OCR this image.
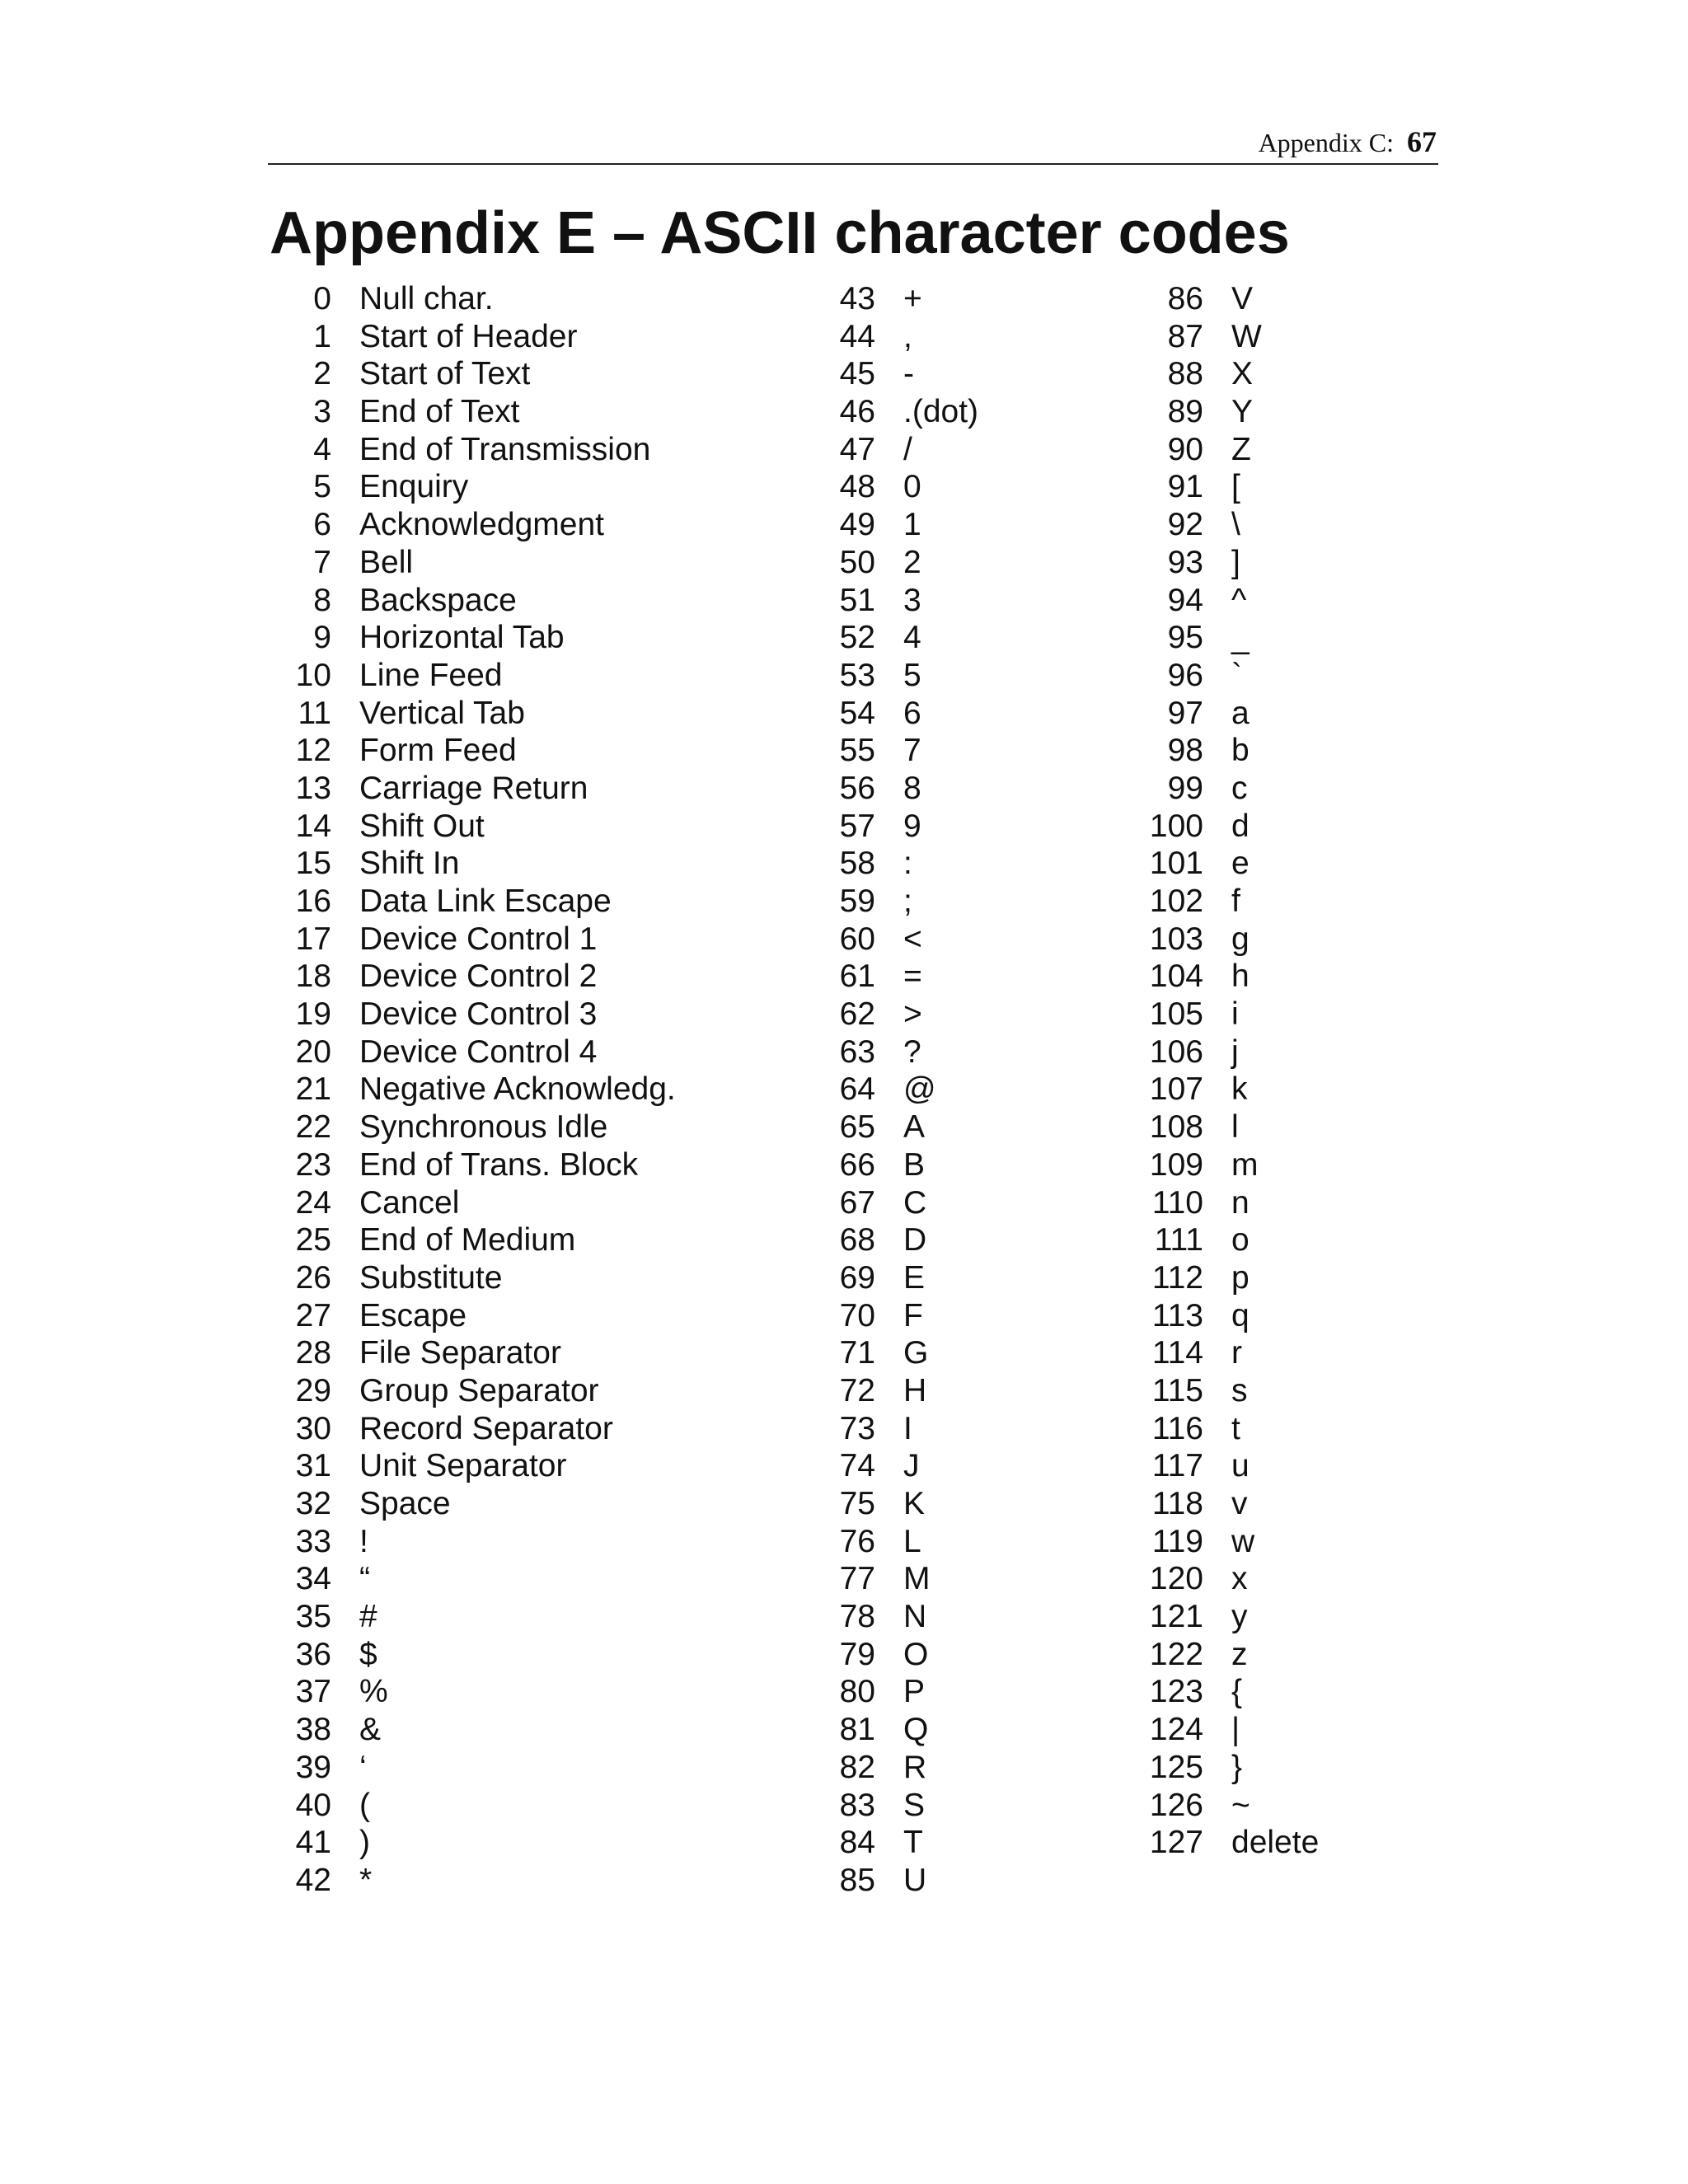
Appendix C: 67
Appendix E – ASCII character codes
0 Null char.
1 Start of Header
2 Start of Text
3 End of Text
4 End of Transmission
5 Enquiry
6 Acknowledgment
7 Bell
8 Backspace
9 Horizontal Tab
10 Line Feed
11 Vertical Tab
12 Form Feed
13 Carriage Return
14 Shift Out
15 Shift In
16 Data Link Escape
17 Device Control 1
18 Device Control 2
19 Device Control 3
20 Device Control 4
21 Negative Acknowledg.
22 Synchronous Idle
23 End of Trans. Block
24 Cancel
25 End of Medium
26 Substitute
27 Escape
28 File Separator
29 Group Separator
30 Record Separator
31 Unit Separator
32 Space
33 !
34 “
35 #
36 $
37 %
38 &
39 ‘
40 (
41 )
42 *
43 +
44 ,
45 -
46 .(dot)
47 /
48 0
49 1
50 2
51 3
52 4
53 5
54 6
55 7
56 8
57 9
58 :
59 ;
60 <
61 =
62 >
63 ?
64 @
65 A
66 B
67 C
68 D
69 E
70 F
71 G
72 H
73 I
74 J
75 K
76 L
77 M
78 N
79 O
80 P
81 Q
82 R
83 S
84 T
85 U
86 V
87 W
88 X
89 Y
90 Z
91 [
92 \
93 ]
94 ^
95 _
96 `
97 a
98 b
99 c
100 d
101 e
102 f
103 g
104 h
105 i
106 j
107 k
108 l
109 m
110 n
111 o
112 p
113 q
114 r
115 s
116 t
117 u
118 v
119 w
120 x
121 y
122 z
123 {
124 |
125 }
126 ~
127 delete
